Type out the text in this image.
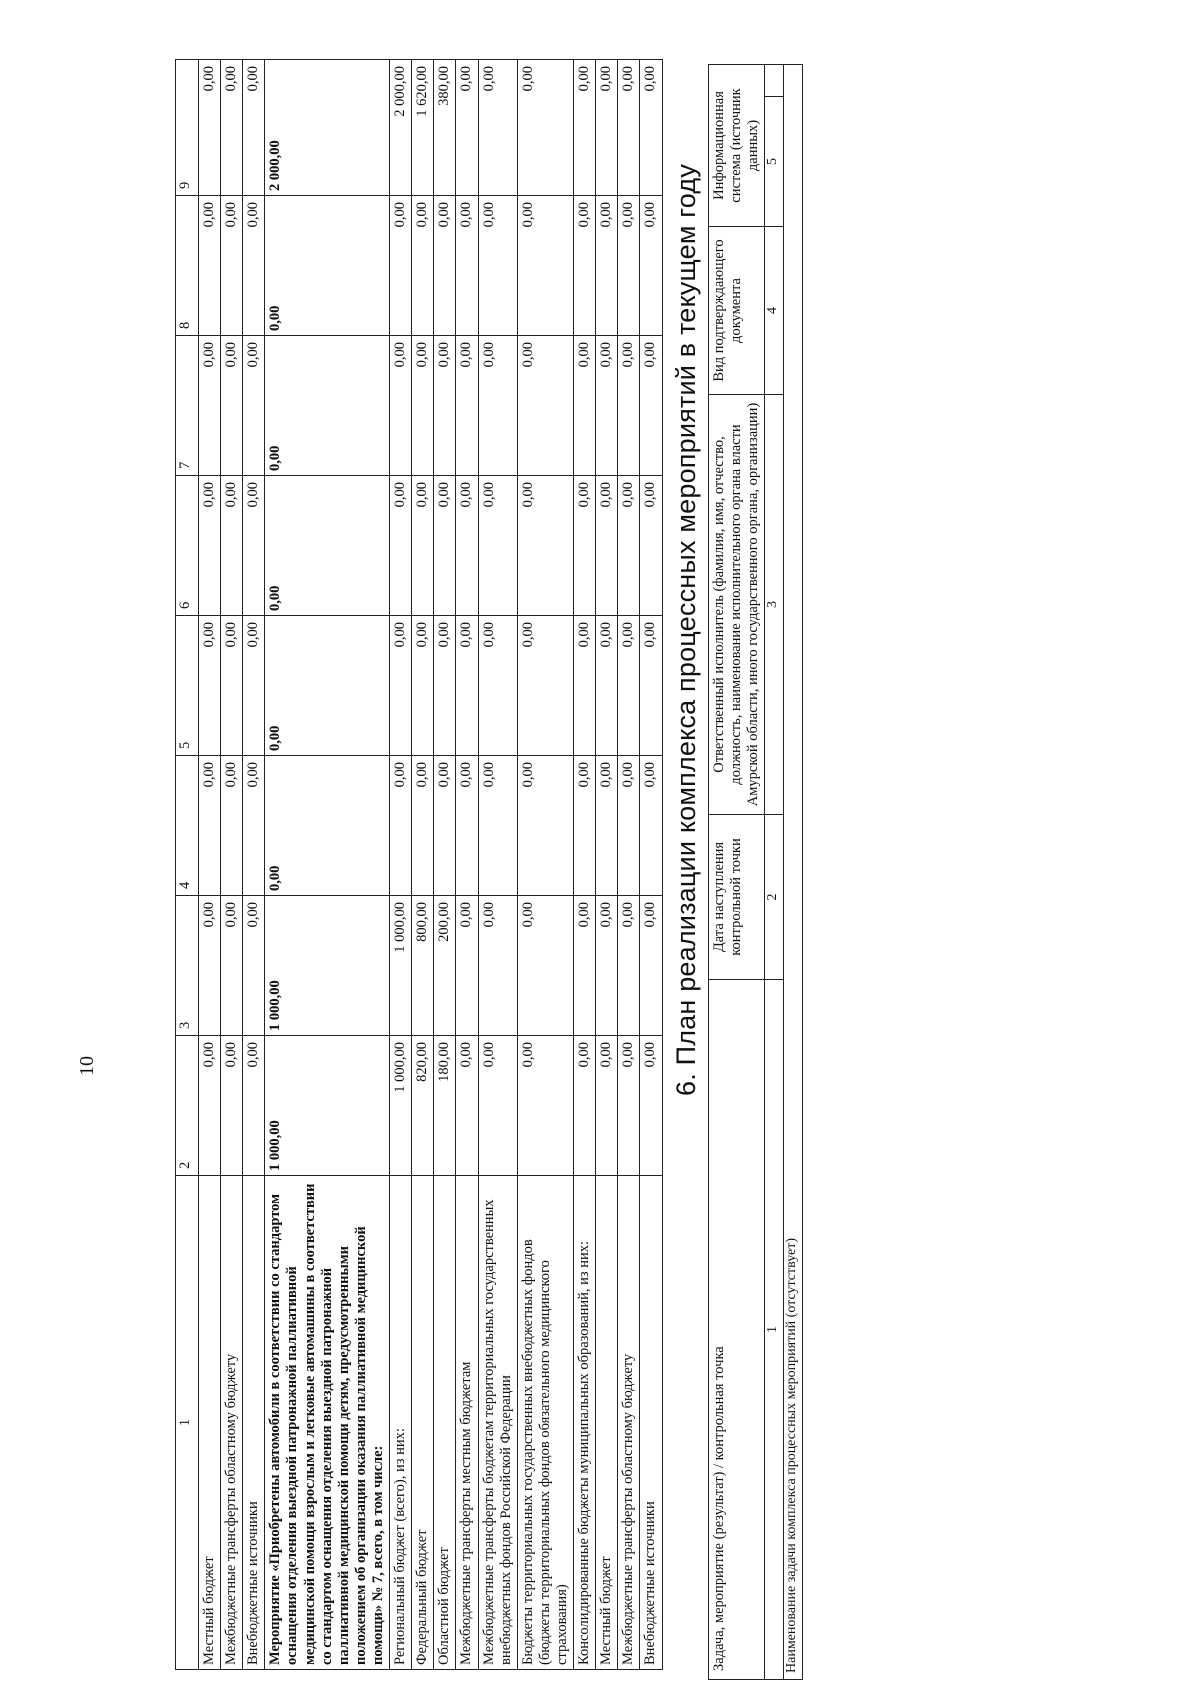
10
1	2	3	4	5	6	7	8	9
Местный бюджет	0,00	0,00	0,00	0,00	0,00	0,00	0,00	0,00
Межбюджетные трансферты областному бюджету	0,00	0,00	0,00	0,00	0,00	0,00	0,00	0,00
Внебюджетные источники	0,00	0,00	0,00	0,00	0,00	0,00	0,00	0,00
Мероприятие «Приобретены автомобили в соответствии со стандартом оснащения отделения выездной патронажной паллиативной медицинской помощи взрослым и легковые автомашины в соответствии со стандартом оснащения отделения выездной патронажной паллиативной медицинской помощи детям, предусмотренными положением об организации оказания паллиативной медицинской помощи» № 7, всего, в том числе:	1 000,00	1 000,00	0,00	0,00	0,00	0,00	0,00	2 000,00
Региональный бюджет (всего), из них:	1 000,00	1 000,00	0,00	0,00	0,00	0,00	0,00	2 000,00
Федеральный бюджет	820,00	800,00	0,00	0,00	0,00	0,00	0,00	1 620,00
Областной бюджет	180,00	200,00	0,00	0,00	0,00	0,00	0,00	380,00
Межбюджетные трансферты местным бюджетам	0,00	0,00	0,00	0,00	0,00	0,00	0,00	0,00
Межбюджетные трансферты бюджетам территориальных государственных внебюджетных фондов Российской Федерации	0,00	0,00	0,00	0,00	0,00	0,00	0,00	0,00
Бюджеты территориальных государственных внебюджетных фондов (бюджеты территориальных фондов обязательного медицинского страхования)	0,00	0,00	0,00	0,00	0,00	0,00	0,00	0,00
Консолидированные бюджеты муниципальных образований, из них:	0,00	0,00	0,00	0,00	0,00	0,00	0,00	0,00
Местный бюджет	0,00	0,00	0,00	0,00	0,00	0,00	0,00	0,00
Межбюджетные трансферты областному бюджету	0,00	0,00	0,00	0,00	0,00	0,00	0,00	0,00
Внебюджетные источники	0,00	0,00	0,00	0,00	0,00	0,00	0,00	0,00
6. План реализации комплекса процессных мероприятий в текущем году
Задача, мероприятие (результат) / контрольная точка	Дата наступления контрольной точки	Ответственный исполнитель (фамилия, имя, отчество, должность, наименование исполнительного органа власти Амурской области, иного государственного органа, организации)	Вид подтверждающего документа	Информационная система (источник данных)	
1	2	3	4	5	
Наименование задачи комплекса процессных мероприятий (отсутствует)					
